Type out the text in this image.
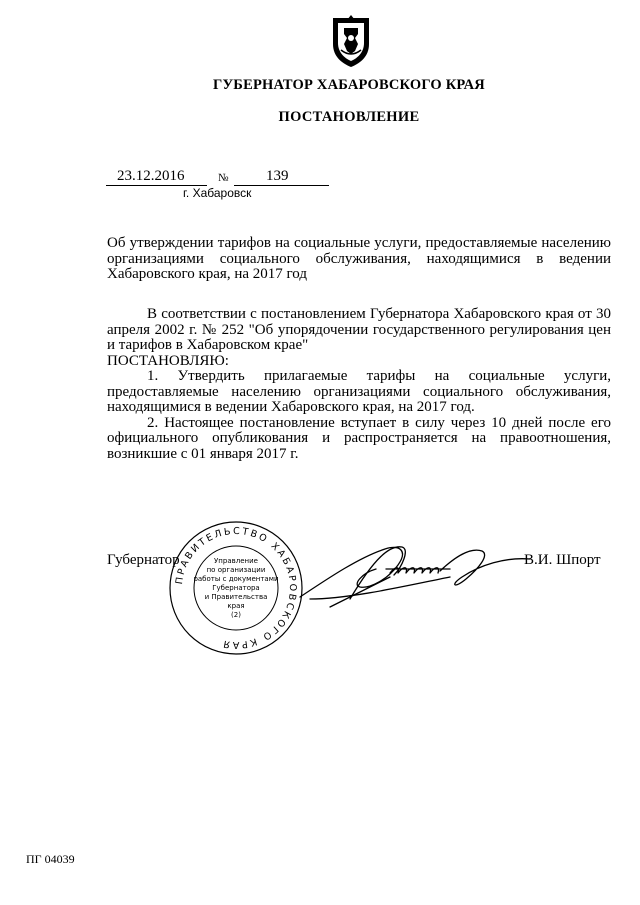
ГУБЕРНАТОР ХАБАРОВСКОГО КРАЯ
ПОСТАНОВЛЕНИЕ
23.12.2016	№	139
г. Хабаровск
Об утверждении тарифов на социальные услуги, предоставляемые населению организациями социального обслуживания, находящимися в ведении Хабаровского края, на 2017 год

В соответствии с постановлением Губернатора Хабаровского края от 30 апреля 2002 г. № 252 "Об упорядочении государственного регулирования цен и тарифов в Хабаровском крае"

ПОСТАНОВЛЯЮ:

1. Утвердить прилагаемые тарифы на социальные услуги, предоставляемые населению организациями социального обслуживания, находящимися в ведении Хабаровского края, на 2017 год.

2. Настоящее постановление вступает в силу через 10 дней после его официального опубликования и распространяется на правоотношения, возникшие с 01 января 2017 г.

Губернатор	В.И. Шпорт
ПРАВИТЕЛЬСТВО ХАБАРОВСКОГО КРАЯ
Управление
по организации
работы с документами
Губернатора
и Правительства
края
(2)
ПГ 04039
